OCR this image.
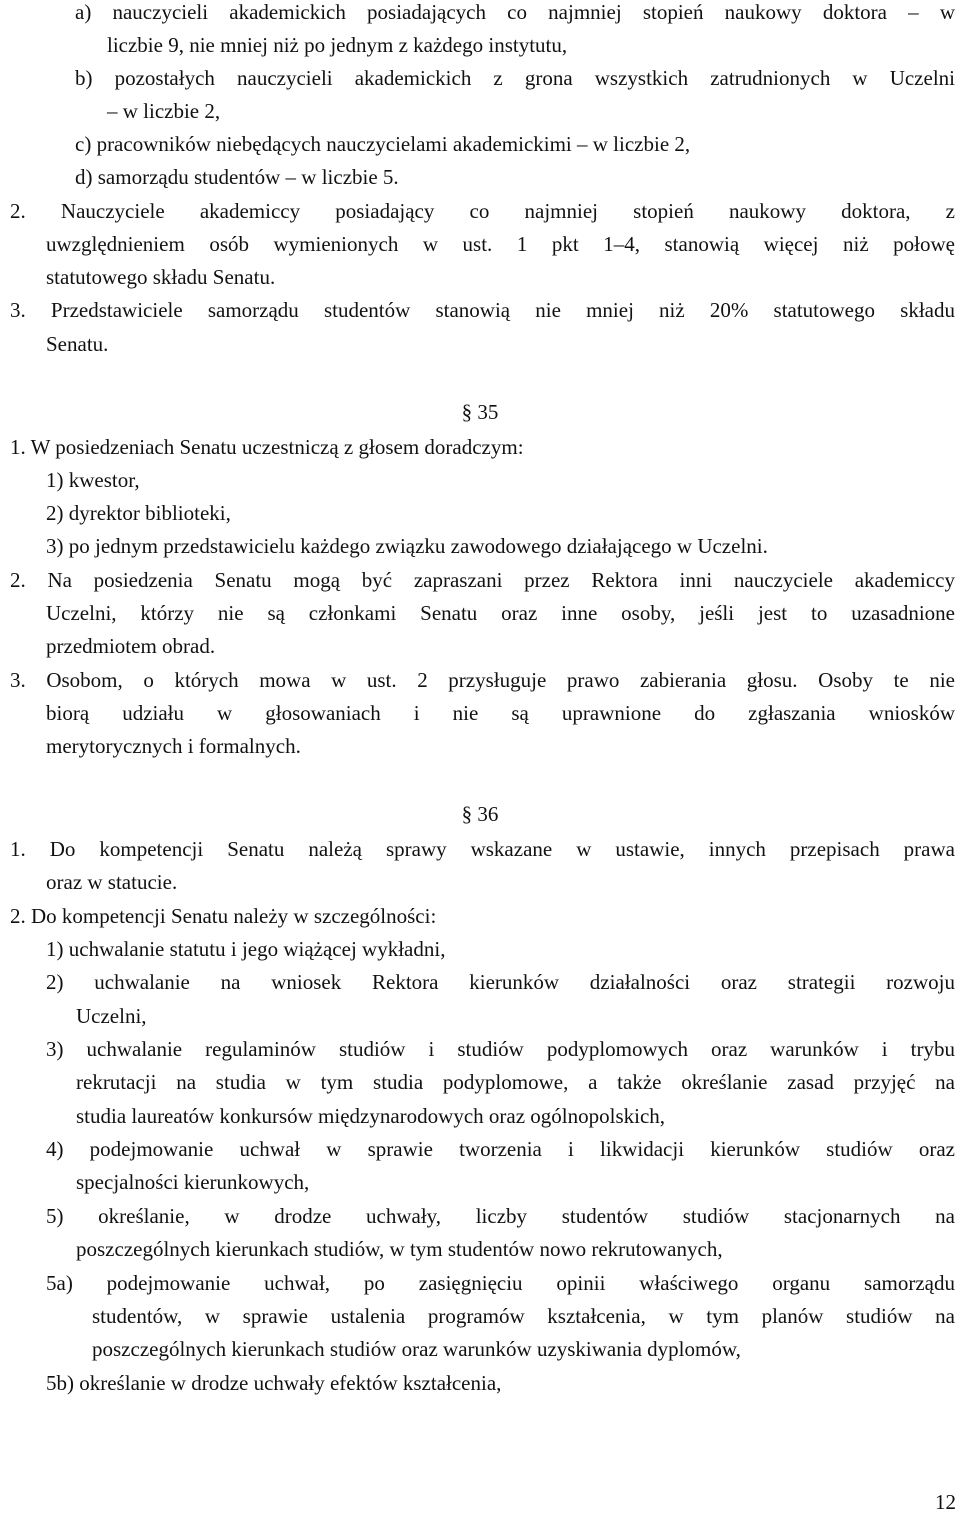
a) nauczycieli akademickich posiadających co najmniej stopień naukowy doktora – w
liczbie 9, nie mniej niż po jednym z każdego instytutu,
b) pozostałych nauczycieli akademickich z grona wszystkich zatrudnionych w Uczelni
– w liczbie 2,
c) pracowników niebędących nauczycielami akademickimi – w liczbie 2,
d) samorządu studentów – w liczbie 5.
2. Nauczyciele akademiccy posiadający co najmniej stopień naukowy doktora, z
uwzględnieniem osób wymienionych w ust. 1 pkt 1–4, stanowią więcej niż połowę
statutowego składu Senatu.
3. Przedstawiciele samorządu studentów stanowią nie mniej niż 20% statutowego składu
Senatu.
§ 35
1. W posiedzeniach Senatu uczestniczą z głosem doradczym:
1) kwestor,
2) dyrektor biblioteki,
3) po jednym przedstawicielu każdego związku zawodowego działającego w Uczelni.
2. Na posiedzenia Senatu mogą być zapraszani przez Rektora inni nauczyciele akademiccy
Uczelni, którzy nie są członkami Senatu oraz inne osoby, jeśli jest to uzasadnione
przedmiotem obrad.
3. Osobom, o których mowa w ust. 2 przysługuje prawo zabierania głosu. Osoby te nie
biorą udziału w głosowaniach i nie są uprawnione do zgłaszania wniosków
merytorycznych i formalnych.
§ 36
1. Do kompetencji Senatu należą sprawy wskazane w ustawie, innych przepisach prawa
oraz w statucie.
2. Do kompetencji Senatu należy w szczególności:
1) uchwalanie statutu i jego wiążącej wykładni,
2) uchwalanie na wniosek Rektora kierunków działalności oraz strategii rozwoju
Uczelni,
3) uchwalanie regulaminów studiów i studiów podyplomowych oraz warunków i trybu
rekrutacji na studia w tym studia podyplomowe, a także określanie zasad przyjęć na
studia laureatów konkursów międzynarodowych oraz ogólnopolskich,
4) podejmowanie uchwał w sprawie tworzenia i likwidacji kierunków studiów oraz
specjalności kierunkowych,
5) określanie, w drodze uchwały, liczby studentów studiów stacjonarnych na
poszczególnych kierunkach studiów, w tym studentów nowo rekrutowanych,
5a) podejmowanie uchwał, po zasięgnięciu opinii właściwego organu samorządu
studentów, w sprawie ustalenia programów kształcenia, w tym planów studiów na
poszczególnych kierunkach studiów oraz warunków uzyskiwania dyplomów,
5b) określanie w drodze uchwały efektów kształcenia,
12
